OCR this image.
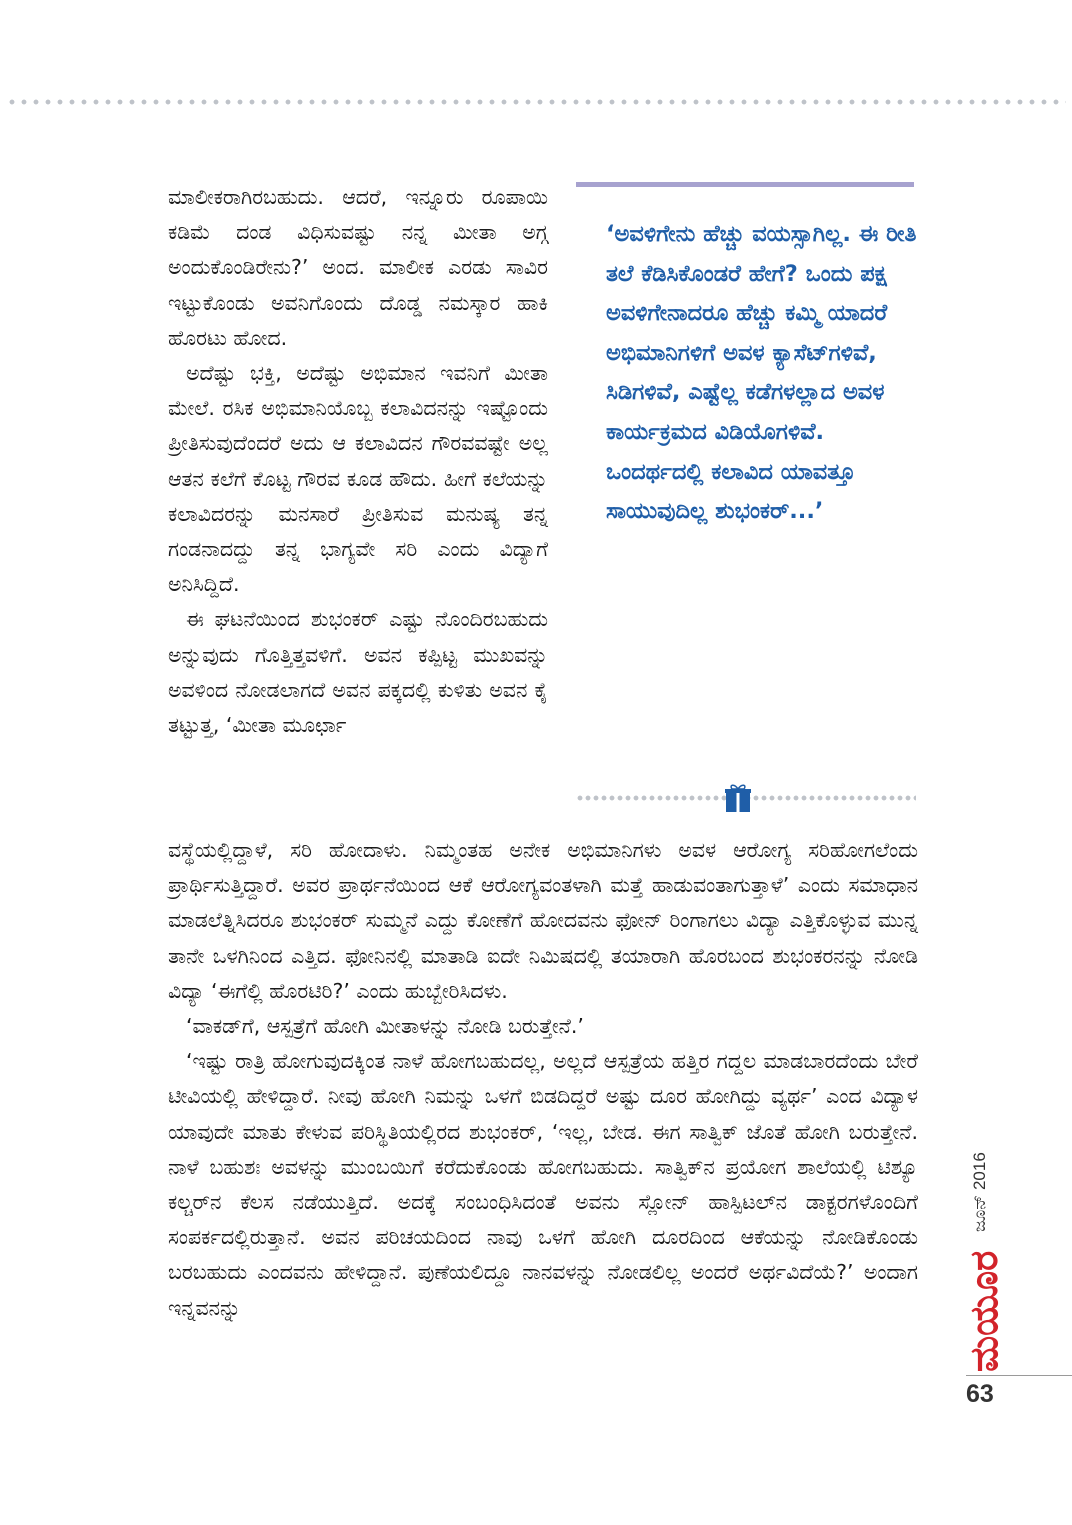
ಮಾಲೀಕರಾಗಿರಬಹುದು. ಆದರೆ, ಇನ್ನೂರು ರೂಪಾಯಿ ಕಡಿಮೆ ದಂಡ ವಿಧಿಸುವಷ್ಟು ನನ್ನ ಮೀತಾ ಅಗ್ಗ ಅಂದುಕೊಂಡಿರೇನು?’ ಅಂದ. ಮಾಲೀಕ ಎರಡು ಸಾವಿರ ಇಟ್ಟುಕೊಂಡು ಅವನಿಗೊಂದು ದೊಡ್ಡ ನಮಸ್ಕಾರ ಹಾಕಿ ಹೊರಟು ಹೋದ.

ಅದೆಷ್ಟು ಭಕ್ತಿ, ಅದೆಷ್ಟು ಅಭಿಮಾನ ಇವನಿಗೆ ಮೀತಾ ಮೇಲೆ. ರಸಿಕ ಅಭಿಮಾನಿಯೊಬ್ಬ ಕಲಾವಿದನನ್ನು ಇಷ್ಟೊಂದು ಪ್ರೀತಿಸುವುದೆಂದರೆ ಅದು ಆ ಕಲಾವಿದನ ಗೌರವವಷ್ಟೇ ಅಲ್ಲ ಆತನ ಕಲೆಗೆ ಕೊಟ್ಟ ಗೌರವ ಕೂಡ ಹೌದು. ಹೀಗೆ ಕಲೆಯನ್ನು ಕಲಾವಿದರನ್ನು ಮನಸಾರೆ ಪ್ರೀತಿಸುವ ಮನುಷ್ಯ ತನ್ನ ಗಂಡನಾದದ್ದು ತನ್ನ ಭಾಗ್ಯವೇ ಸರಿ ಎಂದು ವಿದ್ಯಾಗೆ ಅನಿಸಿದ್ದಿದೆ.

ಈ ಘಟನೆಯಿಂದ ಶುಭಂಕರ್ ಎಷ್ಟು ನೊಂದಿರಬಹುದು ಅನ್ನುವುದು ಗೊತ್ತಿತ್ತವಳಿಗೆ. ಅವನ ಕಪ್ಪಿಟ್ಟ ಮುಖವನ್ನು ಅವಳಿಂದ ನೋಡಲಾಗದೆ ಅವನ ಪಕ್ಕದಲ್ಲಿ ಕುಳಿತು ಅವನ ಕೈ ತಟ್ಟುತ್ತ, ‘ಮೀತಾ ಮೂರ್ಛಾ

‘ಅವಳಿಗೇನು ಹೆಚ್ಚು ವಯಸ್ಸಾಗಿಲ್ಲ. ಈ ರೀತಿ ತಲೆ ಕೆಡಿಸಿಕೊಂಡರೆ ಹೇಗೆ? ಒಂದು ಪಕ್ಷ ಅವಳಿಗೇನಾದರೂ ಹೆಚ್ಚು ಕಮ್ಮಿ ಯಾದರೆ ಅಭಿಮಾನಿಗಳಿಗೆ ಅವಳ ಕ್ಯಾಸೆಟ್‌ಗಳಿವೆ, ಸಿಡಿಗಳಿವೆ, ಎಷ್ಟೆಲ್ಲ ಕಡೆಗಳಲ್ಲಾದ ಅವಳ ಕಾರ್ಯಕ್ರಮದ ವಿಡಿಯೊಗಳಿವೆ. ಒಂದರ್ಥದಲ್ಲಿ ಕಲಾವಿದ ಯಾವತ್ತೂ ಸಾಯುವುದಿಲ್ಲ ಶುಭಂಕರ್...’

ವಸ್ಥೆಯಲ್ಲಿದ್ದಾಳೆ, ಸರಿ ಹೋದಾಳು. ನಿಮ್ಮಂತಹ ಅನೇಕ ಅಭಿಮಾನಿಗಳು ಅವಳ ಆರೋಗ್ಯ ಸರಿಹೋಗಲೆಂದು ಪ್ರಾರ್ಥಿಸುತ್ತಿದ್ದಾರೆ. ಅವರ ಪ್ರಾರ್ಥನೆಯಿಂದ ಆಕೆ ಆರೋಗ್ಯವಂತಳಾಗಿ ಮತ್ತೆ ಹಾಡುವಂತಾಗುತ್ತಾಳೆ’ ಎಂದು ಸಮಾಧಾನ ಮಾಡಲೆತ್ನಿಸಿದರೂ ಶುಭಂಕರ್ ಸುಮ್ಮನೆ ಎದ್ದು ಕೋಣೆಗೆ ಹೋದವನು ಫೋನ್ ರಿಂಗಾಗಲು ವಿದ್ಯಾ ಎತ್ತಿಕೊಳ್ಳುವ ಮುನ್ನ ತಾನೇ ಒಳಗಿನಿಂದ ಎತ್ತಿದ. ಫೋನಿನಲ್ಲಿ ಮಾತಾಡಿ ಐದೇ ನಿಮಿಷದಲ್ಲಿ ತಯಾರಾಗಿ ಹೊರಬಂದ ಶುಭಂಕರನನ್ನು ನೋಡಿ ವಿದ್ಯಾ ‘ಈಗೆಲ್ಲಿ ಹೊರಟಿರಿ?’ ಎಂದು ಹುಬ್ಬೇರಿಸಿದಳು.

‘ವಾಕಡ್‌ಗೆ, ಆಸ್ಪತ್ರೆಗೆ ಹೋಗಿ ಮೀತಾಳನ್ನು ನೋಡಿ ಬರುತ್ತೇನೆ.’

‘ಇಷ್ಟು ರಾತ್ರಿ ಹೋಗುವುದಕ್ಕಿಂತ ನಾಳೆ ಹೋಗಬಹುದಲ್ಲ, ಅಲ್ಲದೆ ಆಸ್ಪತ್ರೆಯ ಹತ್ತಿರ ಗದ್ದಲ ಮಾಡಬಾರದೆಂದು ಬೇರೆ ಟೀವಿಯಲ್ಲಿ ಹೇಳಿದ್ದಾರೆ. ನೀವು ಹೋಗಿ ನಿಮನ್ನು ಒಳಗೆ ಬಿಡದಿದ್ದರೆ ಅಷ್ಟು ದೂರ ಹೋಗಿದ್ದು ವ್ಯರ್ಥ’ ಎಂದ ವಿದ್ಯಾಳ ಯಾವುದೇ ಮಾತು ಕೇಳುವ ಪರಿಸ್ಥಿತಿಯಲ್ಲಿರದ ಶುಭಂಕರ್, ‘ಇಲ್ಲ, ಬೇಡ. ಈಗ ಸಾತ್ವಿಕ್ ಜೊತೆ ಹೋಗಿ ಬರುತ್ತೇನೆ. ನಾಳೆ ಬಹುಶಃ ಅವಳನ್ನು ಮುಂಬಯಿಗೆ ಕರೆದುಕೊಂಡು ಹೋಗಬಹುದು. ಸಾತ್ವಿಕ್‌ನ ಪ್ರಯೋಗ ಶಾಲೆಯಲ್ಲಿ ಟಿಶ್ಯೂ ಕಲ್ಚರ್‌ನ ಕೆಲಸ ನಡೆಯುತ್ತಿದೆ. ಅದಕ್ಕೆ ಸಂಬಂಧಿಸಿದಂತೆ ಅವನು ಸ್ಲೋನ್ ಹಾಸ್ಪಿಟಲ್‌ನ ಡಾಕ್ಟರಗಳೊಂದಿಗೆ ಸಂಪರ್ಕದಲ್ಲಿರುತ್ತಾನೆ. ಅವನ ಪರಿಚಯದಿಂದ ನಾವು ಒಳಗೆ ಹೋಗಿ ದೂರದಿಂದ ಆಕೆಯನ್ನು ನೋಡಿಕೊಂಡು ಬರಬಹುದು ಎಂದವನು ಹೇಳಿದ್ದಾನೆ. ಪುಣೆಯಲಿದ್ದೂ ನಾನವಳನ್ನು ನೋಡಲಿಲ್ಲ ಅಂದರೆ ಅರ್ಥವಿದೆಯೆ?’ ಅಂದಾಗ ಇನ್ನವನನ್ನು

ಜೂನ್ 2016
ಮಯೂರ
63
